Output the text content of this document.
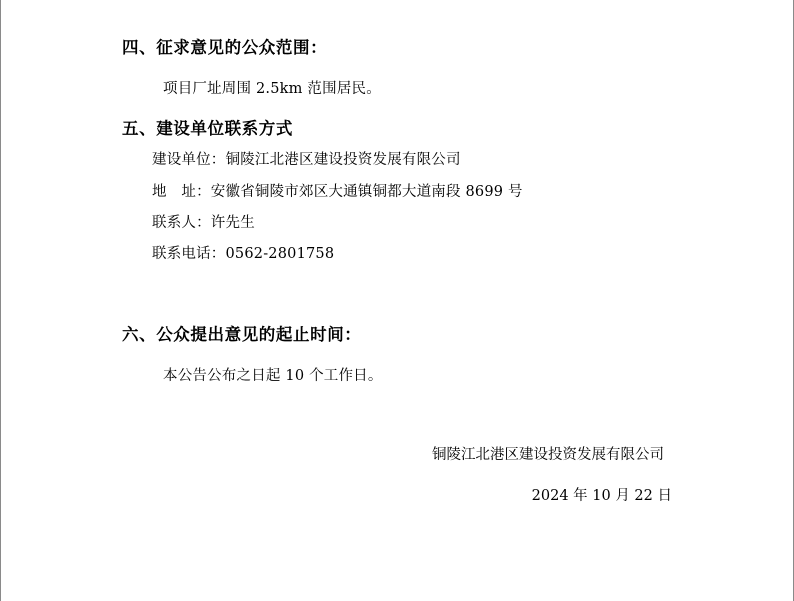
四、征求意见的公众范围：
项目厂址周围 2.5km 范围居民。
五、建设单位联系方式
建设单位：铜陵江北港区建设投资发展有限公司
地　址：安徽省铜陵市郊区大通镇铜都大道南段 8699 号
联系人：许先生
联系电话：0562-2801758
六、公众提出意见的起止时间：
本公告公布之日起 10 个工作日。
铜陵江北港区建设投资发展有限公司
2024 年 10 月 22 日
